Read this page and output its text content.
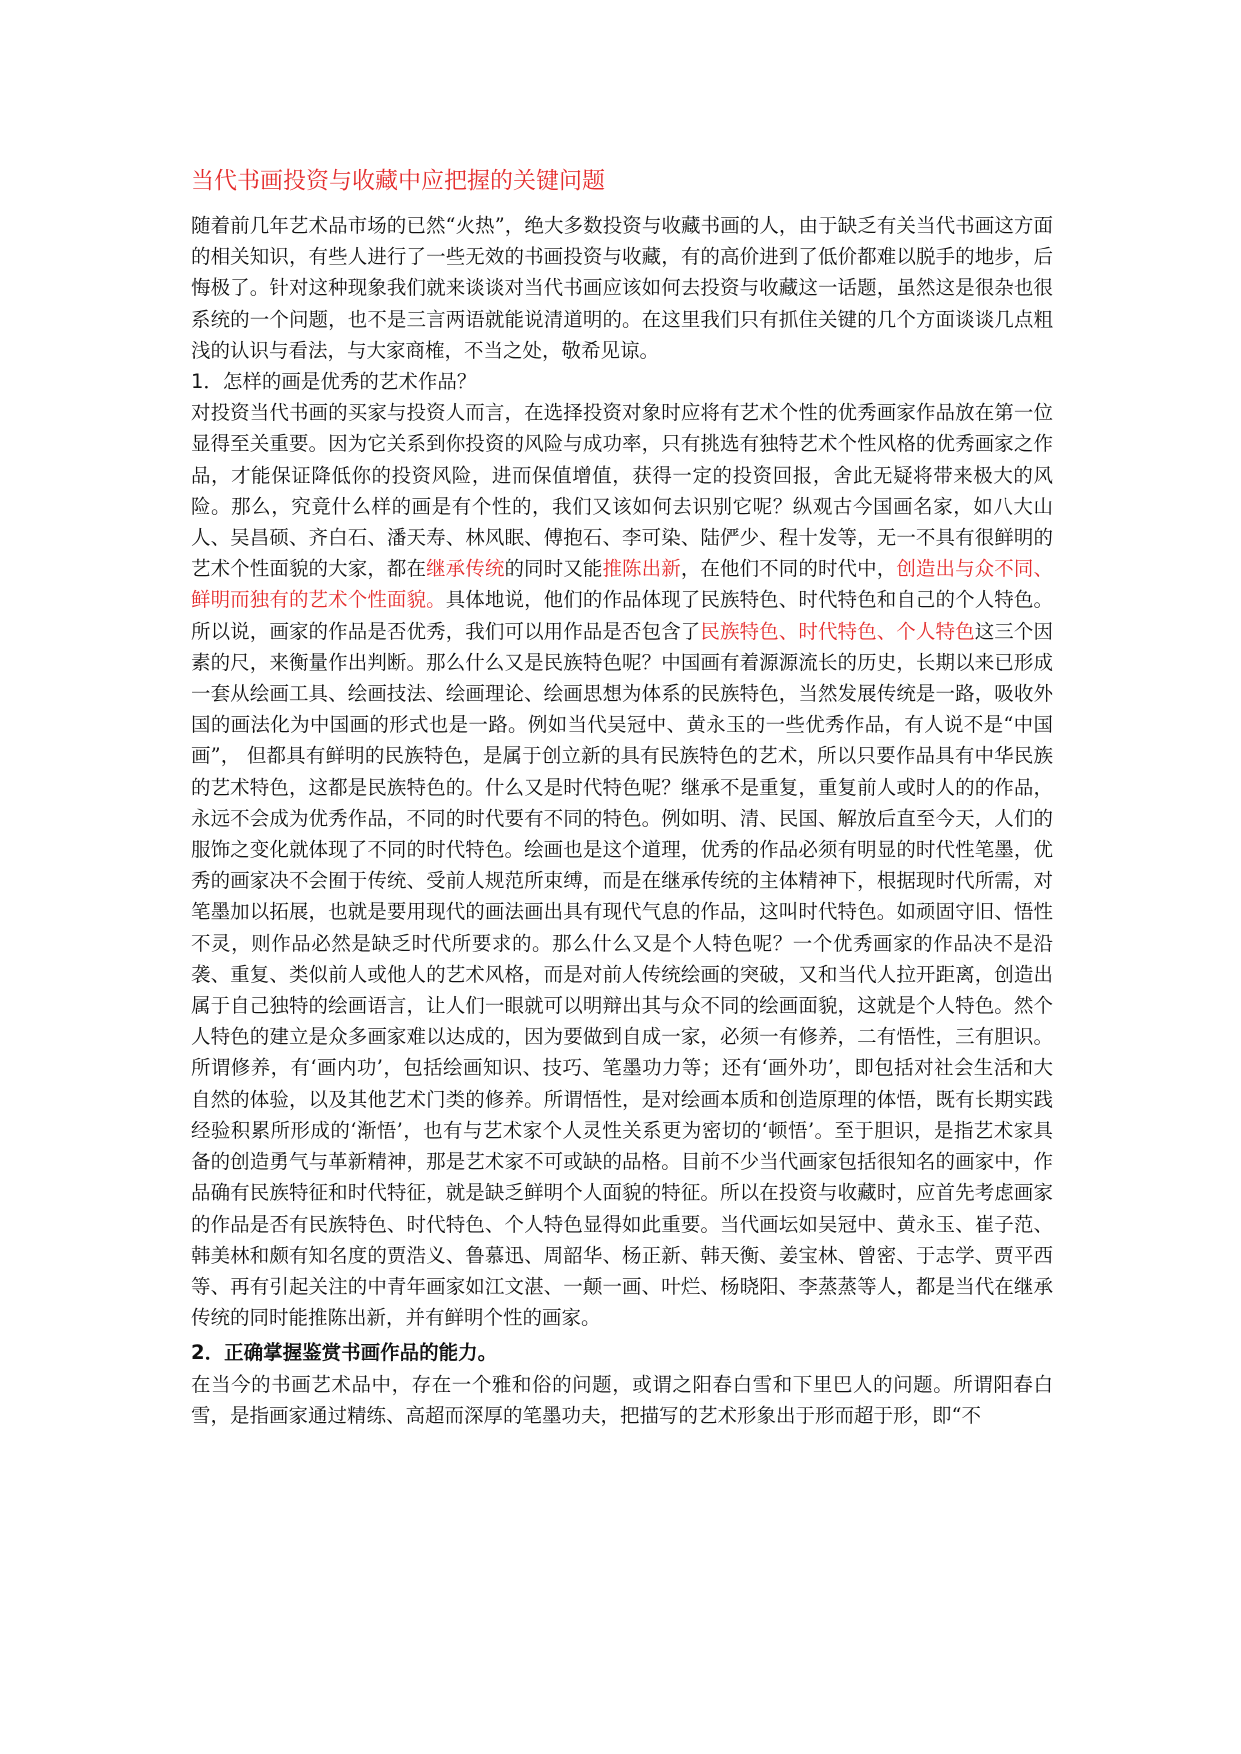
当代书画投资与收藏中应把握的关键问题

随着前几年艺术品市场的已然“火热”，绝大多数投资与收藏书画的人，由于缺乏有关当代书画这方面的相关知识，有些人进行了一些无效的书画投资与收藏，有的高价进到了低价都难以脱手的地步，后悔极了。针对这种现象我们就来谈谈对当代书画应该如何去投资与收藏这一话题，虽然这是很杂也很系统的一个问题，也不是三言两语就能说清道明的。在这里我们只有抓住关键的几个方面谈谈几点粗浅的认识与看法，与大家商榷，不当之处，敬希见谅。

1．怎样的画是优秀的艺术作品？

对投资当代书画的买家与投资人而言，在选择投资对象时应将有艺术个性的优秀画家作品放在第一位显得至关重要。因为它关系到你投资的风险与成功率，只有挑选有独特艺术个性风格的优秀画家之作品，才能保证降低你的投资风险，进而保值增值，获得一定的投资回报，舍此无疑将带来极大的风险。那么，究竟什么样的画是有个性的，我们又该如何去识别它呢？纵观古今国画名家，如八大山人、吴昌硕、齐白石、潘天寿、林风眠、傅抱石、李可染、陆俨少、程十发等，无一不具有很鲜明的艺术个性面貌的大家，都在继承传统的同时又能推陈出新，在他们不同的时代中，创造出与众不同、鲜明而独有的艺术个性面貌。具体地说，他们的作品体现了民族特色、时代特色和自己的个人特色。所以说，画家的作品是否优秀，我们可以用作品是否包含了民族特色、时代特色、个人特色这三个因素的尺，来衡量作出判断。那么什么又是民族特色呢？中国画有着源源流长的历史，长期以来已形成一套从绘画工具、绘画技法、绘画理论、绘画思想为体系的民族特色，当然发展传统是一路，吸收外国的画法化为中国画的形式也是一路。例如当代吴冠中、黄永玉的一些优秀作品，有人说不是“中国画”， 但都具有鲜明的民族特色，是属于创立新的具有民族特色的艺术，所以只要作品具有中华民族的艺术特色，这都是民族特色的。什么又是时代特色呢？继承不是重复，重复前人或时人的的作品，永远不会成为优秀作品，不同的时代要有不同的特色。例如明、清、民国、解放后直至今天，人们的服饰之变化就体现了不同的时代特色。绘画也是这个道理，优秀的作品必须有明显的时代性笔墨，优秀的画家决不会囿于传统、受前人规范所束缚，而是在继承传统的主体精神下，根据现时代所需，对笔墨加以拓展，也就是要用现代的画法画出具有现代气息的作品，这叫时代特色。如顽固守旧、悟性不灵，则作品必然是缺乏时代所要求的。那么什么又是个人特色呢？一个优秀画家的作品决不是沿袭、重复、类似前人或他人的艺术风格，而是对前人传统绘画的突破，又和当代人拉开距离，创造出属于自己独特的绘画语言，让人们一眼就可以明辩出其与众不同的绘画面貌，这就是个人特色。然个人特色的建立是众多画家难以达成的，因为要做到自成一家，必须一有修养，二有悟性，三有胆识。所谓修养，有‘画内功’，包括绘画知识、技巧、笔墨功力等；还有‘画外功’，即包括对社会生活和大自然的体验，以及其他艺术门类的修养。所谓悟性，是对绘画本质和创造原理的体悟，既有长期实践经验积累所形成的‘渐悟’，也有与艺术家个人灵性关系更为密切的‘顿悟’。至于胆识，是指艺术家具备的创造勇气与革新精神，那是艺术家不可或缺的品格。目前不少当代画家包括很知名的画家中，作品确有民族特征和时代特征，就是缺乏鲜明个人面貌的特征。所以在投资与收藏时，应首先考虑画家的作品是否有民族特色、时代特色、个人特色显得如此重要。当代画坛如吴冠中、黄永玉、崔子范、韩美林和颇有知名度的贾浩义、鲁慕迅、周韶华、杨正新、韩天衡、姜宝林、曾密、于志学、贾平西等、再有引起关注的中青年画家如江文湛、一颠一画、叶烂、杨晓阳、李蒸蒸等人，都是当代在继承传统的同时能推陈出新，并有鲜明个性的画家。

2．正确掌握鉴赏书画作品的能力。

在当今的书画艺术品中，存在一个雅和俗的问题，或谓之阳春白雪和下里巴人的问题。所谓阳春白雪，是指画家通过精练、高超而深厚的笔墨功夫，把描写的艺术形象出于形而超于形，即“不
